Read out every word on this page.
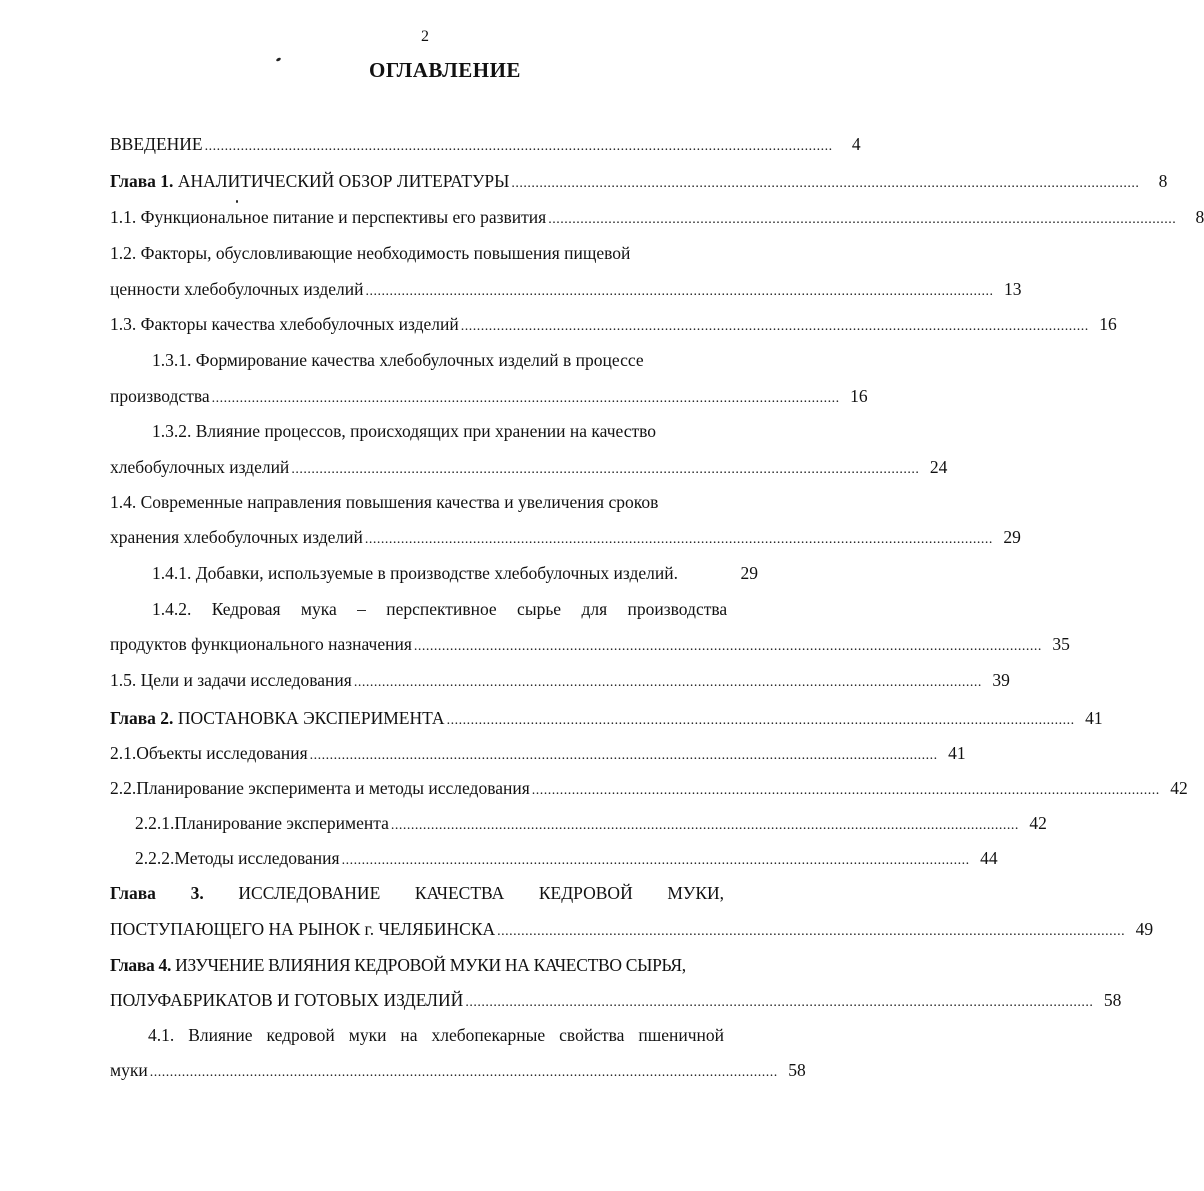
2
ОГЛАВЛЕНИЕ
ВВЕДЕНИЕ .............................................................................................................................................................	4
Глава 1. АНАЛИТИЧЕСКИЙ ОБЗОР ЛИТЕРАТУРЫ .............................................................................................................................................................	8
1.1. Функциональное питание и перспективы его развития .............................................................................................................................................................	8
1.2. Факторы, обусловливающие необходимость повышения пищевой
ценности хлебобулочных изделий ............................................................................................................................................................. 13
1.3. Факторы качества хлебобулочных изделий ............................................................................................................................................................. 16
1.3.1. Формирование качества хлебобулочных изделий в процессе
производства ............................................................................................................................................................. 16
1.3.2. Влияние процессов, происходящих при хранении на качество
хлебобулочных изделий ............................................................................................................................................................. 24
1.4. Современные направления повышения качества и увеличения сроков
хранения хлебобулочных изделий ............................................................................................................................................................. 29
1.4.1. Добавки, используемые в производстве хлебобулочных изделий.	29
1.4.2. Кедровая мука – перспективное сырье для производства
продуктов функционального назначения ............................................................................................................................................................. 35
1.5. Цели и задачи исследования ............................................................................................................................................................. 39
Глава 2. ПОСТАНОВКА ЭКСПЕРИМЕНТА ............................................................................................................................................................. 41
2.1.Объекты исследования ............................................................................................................................................................. 41
2.2.Планирование эксперимента и методы исследования ............................................................................................................................................................. 42
2.2.1.Планирование эксперимента ............................................................................................................................................................. 42
2.2.2.Методы исследования ............................................................................................................................................................. 44
Глава 3. ИССЛЕДОВАНИЕ КАЧЕСТВА КЕДРОВОЙ МУКИ,
ПОСТУПАЮЩЕГО НА РЫНОК г. ЧЕЛЯБИНСКА ............................................................................................................................................................. 49
Глава 4. ИЗУЧЕНИЕ ВЛИЯНИЯ КЕДРОВОЙ МУКИ НА КАЧЕСТВО СЫРЬЯ,
ПОЛУФАБРИКАТОВ И ГОТОВЫХ ИЗДЕЛИЙ ............................................................................................................................................................. 58
4.1. Влияние кедровой муки на хлебопекарные свойства пшеничной
муки ............................................................................................................................................................. 58
